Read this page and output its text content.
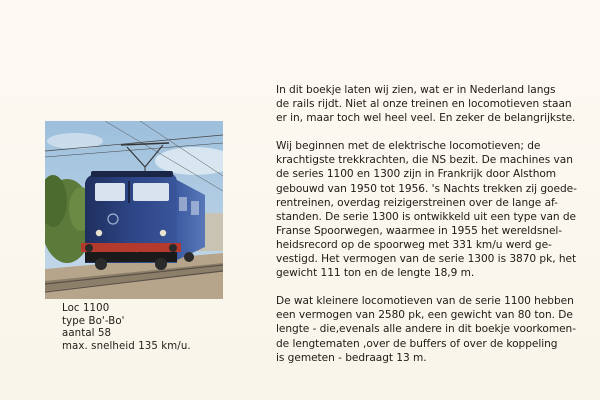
Loc 1100
type Bo'-Bo'
aantal 58
max. snelheid 135 km/u.

In dit boekje laten wij zien, wat er in Nederland langs
de rails rijdt. Niet al onze treinen en locomotieven staan
er in, maar toch wel heel veel. En zeker de belangrijkste.

Wij beginnen met de elektrische locomotieven; de
krachtigste trekkrachten, die NS bezit. De machines van
de series 1100 en 1300 zijn in Frankrijk door Alsthom
gebouwd van 1950 tot 1956. 's Nachts trekken zij goede-
rentreinen, overdag reizigerstreinen over de lange af-
standen. De serie 1300 is ontwikkeld uit een type van de
Franse Spoorwegen, waarmee in 1955 het wereldsnel-
heidsrecord op de spoorweg met 331 km/u werd ge-
vestigd. Het vermogen van de serie 1300 is 3870 pk, het
gewicht 111 ton en de lengte 18,9 m.

De wat kleinere locomotieven van de serie 1100 hebben
een vermogen van 2580 pk, een gewicht van 80 ton. De
lengte - die,evenals alle andere in dit boekje voorkomen-
de lengtematen ,over de buffers of over de koppeling
is gemeten - bedraagt 13 m.
